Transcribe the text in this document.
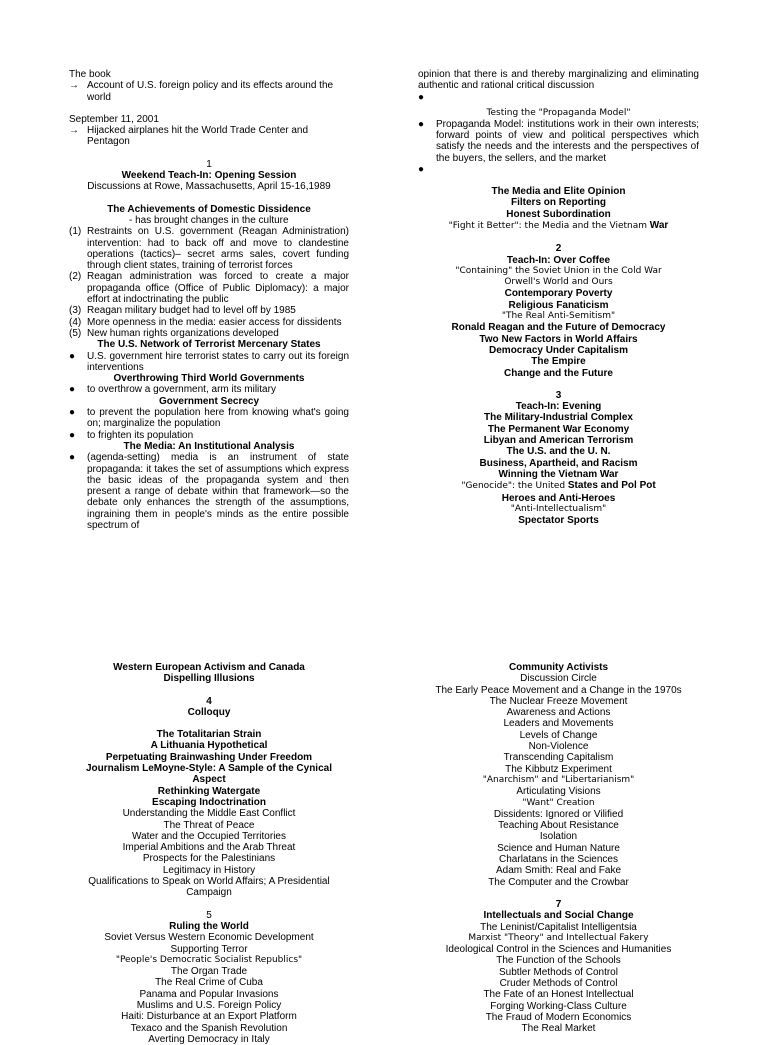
The book
→ Account of U.S. foreign policy and its effects around the world
September 11, 2001
→ Hijacked airplanes hit the World Trade Center and Pentagon
1
Weekend Teach-In: Opening Session
Discussions at Rowe, Massachusetts, April 15-16,1989
The Achievements of Domestic Dissidence
- has brought changes in the culture
(1) Restraints on U.S. government (Reagan Administration) intervention: had to back off and move to clandestine operations (tactics)– secret arms sales, covert funding through client states, training of terrorist forces
(2) Reagan administration was forced to create a major propaganda office (Office of Public Diplomacy): a major effort at indoctrinating the public
(3) Reagan military budget had to level off by 1985
(4) More openness in the media: easier access for dissidents
(5) New human rights organizations developed
The U.S. Network of Terrorist Mercenary States
● U.S. government hire terrorist states to carry out its foreign interventions
Overthrowing Third World Governments
● to overthrow a government, arm its military
Government Secrecy
● to prevent the population here from knowing what's going on; marginalize the population
● to frighten its population
The Media: An Institutional Analysis
● (agenda-setting) media is an instrument of state propaganda: it takes the set of assumptions which express the basic ideas of the propaganda system and then present a range of debate within that framework—so the debate only enhances the strength of the assumptions, ingraining them in people's minds as the entire possible spectrum of
opinion that there is and thereby marginalizing and eliminating authentic and rational critical discussion
●
Testing the "Propaganda Model"
● Propaganda Model: institutions work in their own interests; forward points of view and political perspectives which satisfy the needs and the interests and the perspectives of the buyers, the sellers, and the market
●
The Media and Elite Opinion
Filters on Reporting
Honest Subordination
"Fight it Better": the Media and the Vietnam War
2
Teach-In: Over Coffee
"Containing" the Soviet Union in the Cold War
Orwell's World and Ours
Contemporary Poverty
Religious Fanaticism
"The Real Anti-Semitism"
Ronald Reagan and the Future of Democracy
Two New Factors in World Affairs
Democracy Under Capitalism
The Empire
Change and the Future
3
Teach-In: Evening
The Military-Industrial Complex
The Permanent War Economy
Libyan and American Terrorism
The U.S. and the U. N.
Business, Apartheid, and Racism
Winning the Vietnam War
"Genocide": the United States and Pol Pot
Heroes and Anti-Heroes
"Anti-Intellectualism"
Spectator Sports
Western European Activism and Canada
Dispelling Illusions
4
Colloquy
The Totalitarian Strain
A Lithuania Hypothetical
Perpetuating Brainwashing Under Freedom
Journalism LeMoyne-Style: A Sample of the Cynical Aspect
Rethinking Watergate
Escaping Indoctrination
Understanding the Middle East Conflict
The Threat of Peace
Water and the Occupied Territories
Imperial Ambitions and the Arab Threat
Prospects for the Palestinians
Legitimacy in History
Qualifications to Speak on World Affairs; A Presidential Campaign
5
Ruling the World
Soviet Versus Western Economic Development
Supporting Terror
"People's Democratic Socialist Republics"
The Organ Trade
The Real Crime of Cuba
Panama and Popular Invasions
Muslims and U.S. Foreign Policy
Haiti: Disturbance at an Export Platform
Texaco and the Spanish Revolution
Averting Democracy in Italy
Community Activists
Discussion Circle
The Early Peace Movement and a Change in the 1970s
The Nuclear Freeze Movement
Awareness and Actions
Leaders and Movements
Levels of Change
Non-Violence
Transcending Capitalism
The Kibbutz Experiment
"Anarchism" and "Libertarianism"
Articulating Visions
"Want" Creation
Dissidents: Ignored or Vilified
Teaching About Resistance
Isolation
Science and Human Nature
Charlatans in the Sciences
Adam Smith: Real and Fake
The Computer and the Crowbar
7
Intellectuals and Social Change
The Leninist/Capitalist Intelligentsia
Marxist "Theory" and Intellectual Fakery
Ideological Control in the Sciences and Humanities
The Function of the Schools
Subtler Methods of Control
Cruder Methods of Control
The Fate of an Honest Intellectual
Forging Working-Class Culture
The Fraud of Modern Economics
The Real Market
